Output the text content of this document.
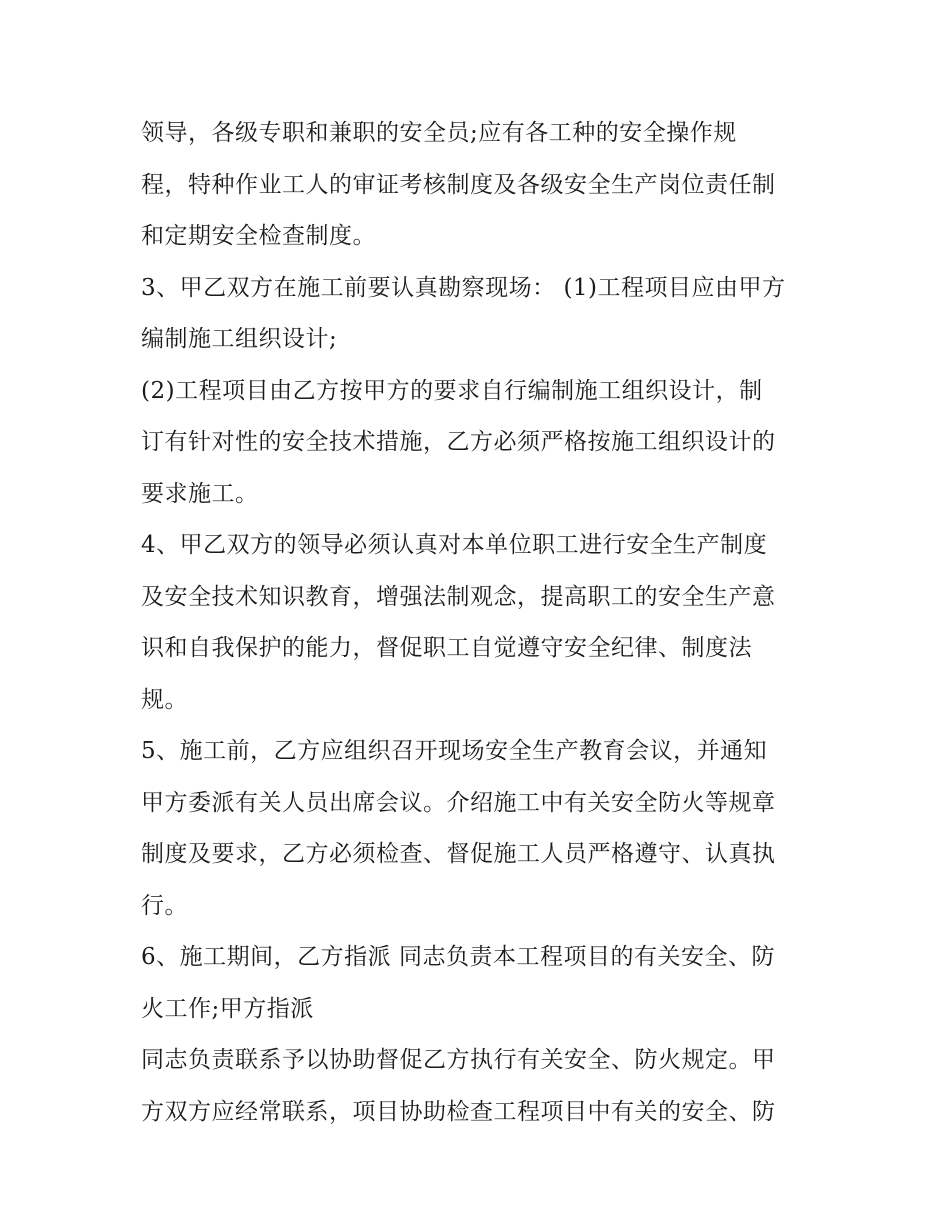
领导，各级专职和兼职的安全员;应有各工种的安全操作规
程，特种作业工人的审证考核制度及各级安全生产岗位责任制
和定期安全检查制度。
3、甲乙双方在施工前要认真勘察现场： (1)工程项目应由甲方
编制施工组织设计;
(2)工程项目由乙方按甲方的要求自行编制施工组织设计，制
订有针对性的安全技术措施，乙方必须严格按施工组织设计的
要求施工。
4、甲乙双方的领导必须认真对本单位职工进行安全生产制度
及安全技术知识教育，增强法制观念，提高职工的安全生产意
识和自我保护的能力，督促职工自觉遵守安全纪律、制度法
规。
5、施工前，乙方应组织召开现场安全生产教育会议，并通知
甲方委派有关人员出席会议。介绍施工中有关安全防火等规章
制度及要求，乙方必须检查、督促施工人员严格遵守、认真执
行。
6、施工期间，乙方指派 同志负责本工程项目的有关安全、防
火工作;甲方指派
同志负责联系予以协助督促乙方执行有关安全、防火规定。甲
方双方应经常联系，项目协助检查工程项目中有关的安全、防
